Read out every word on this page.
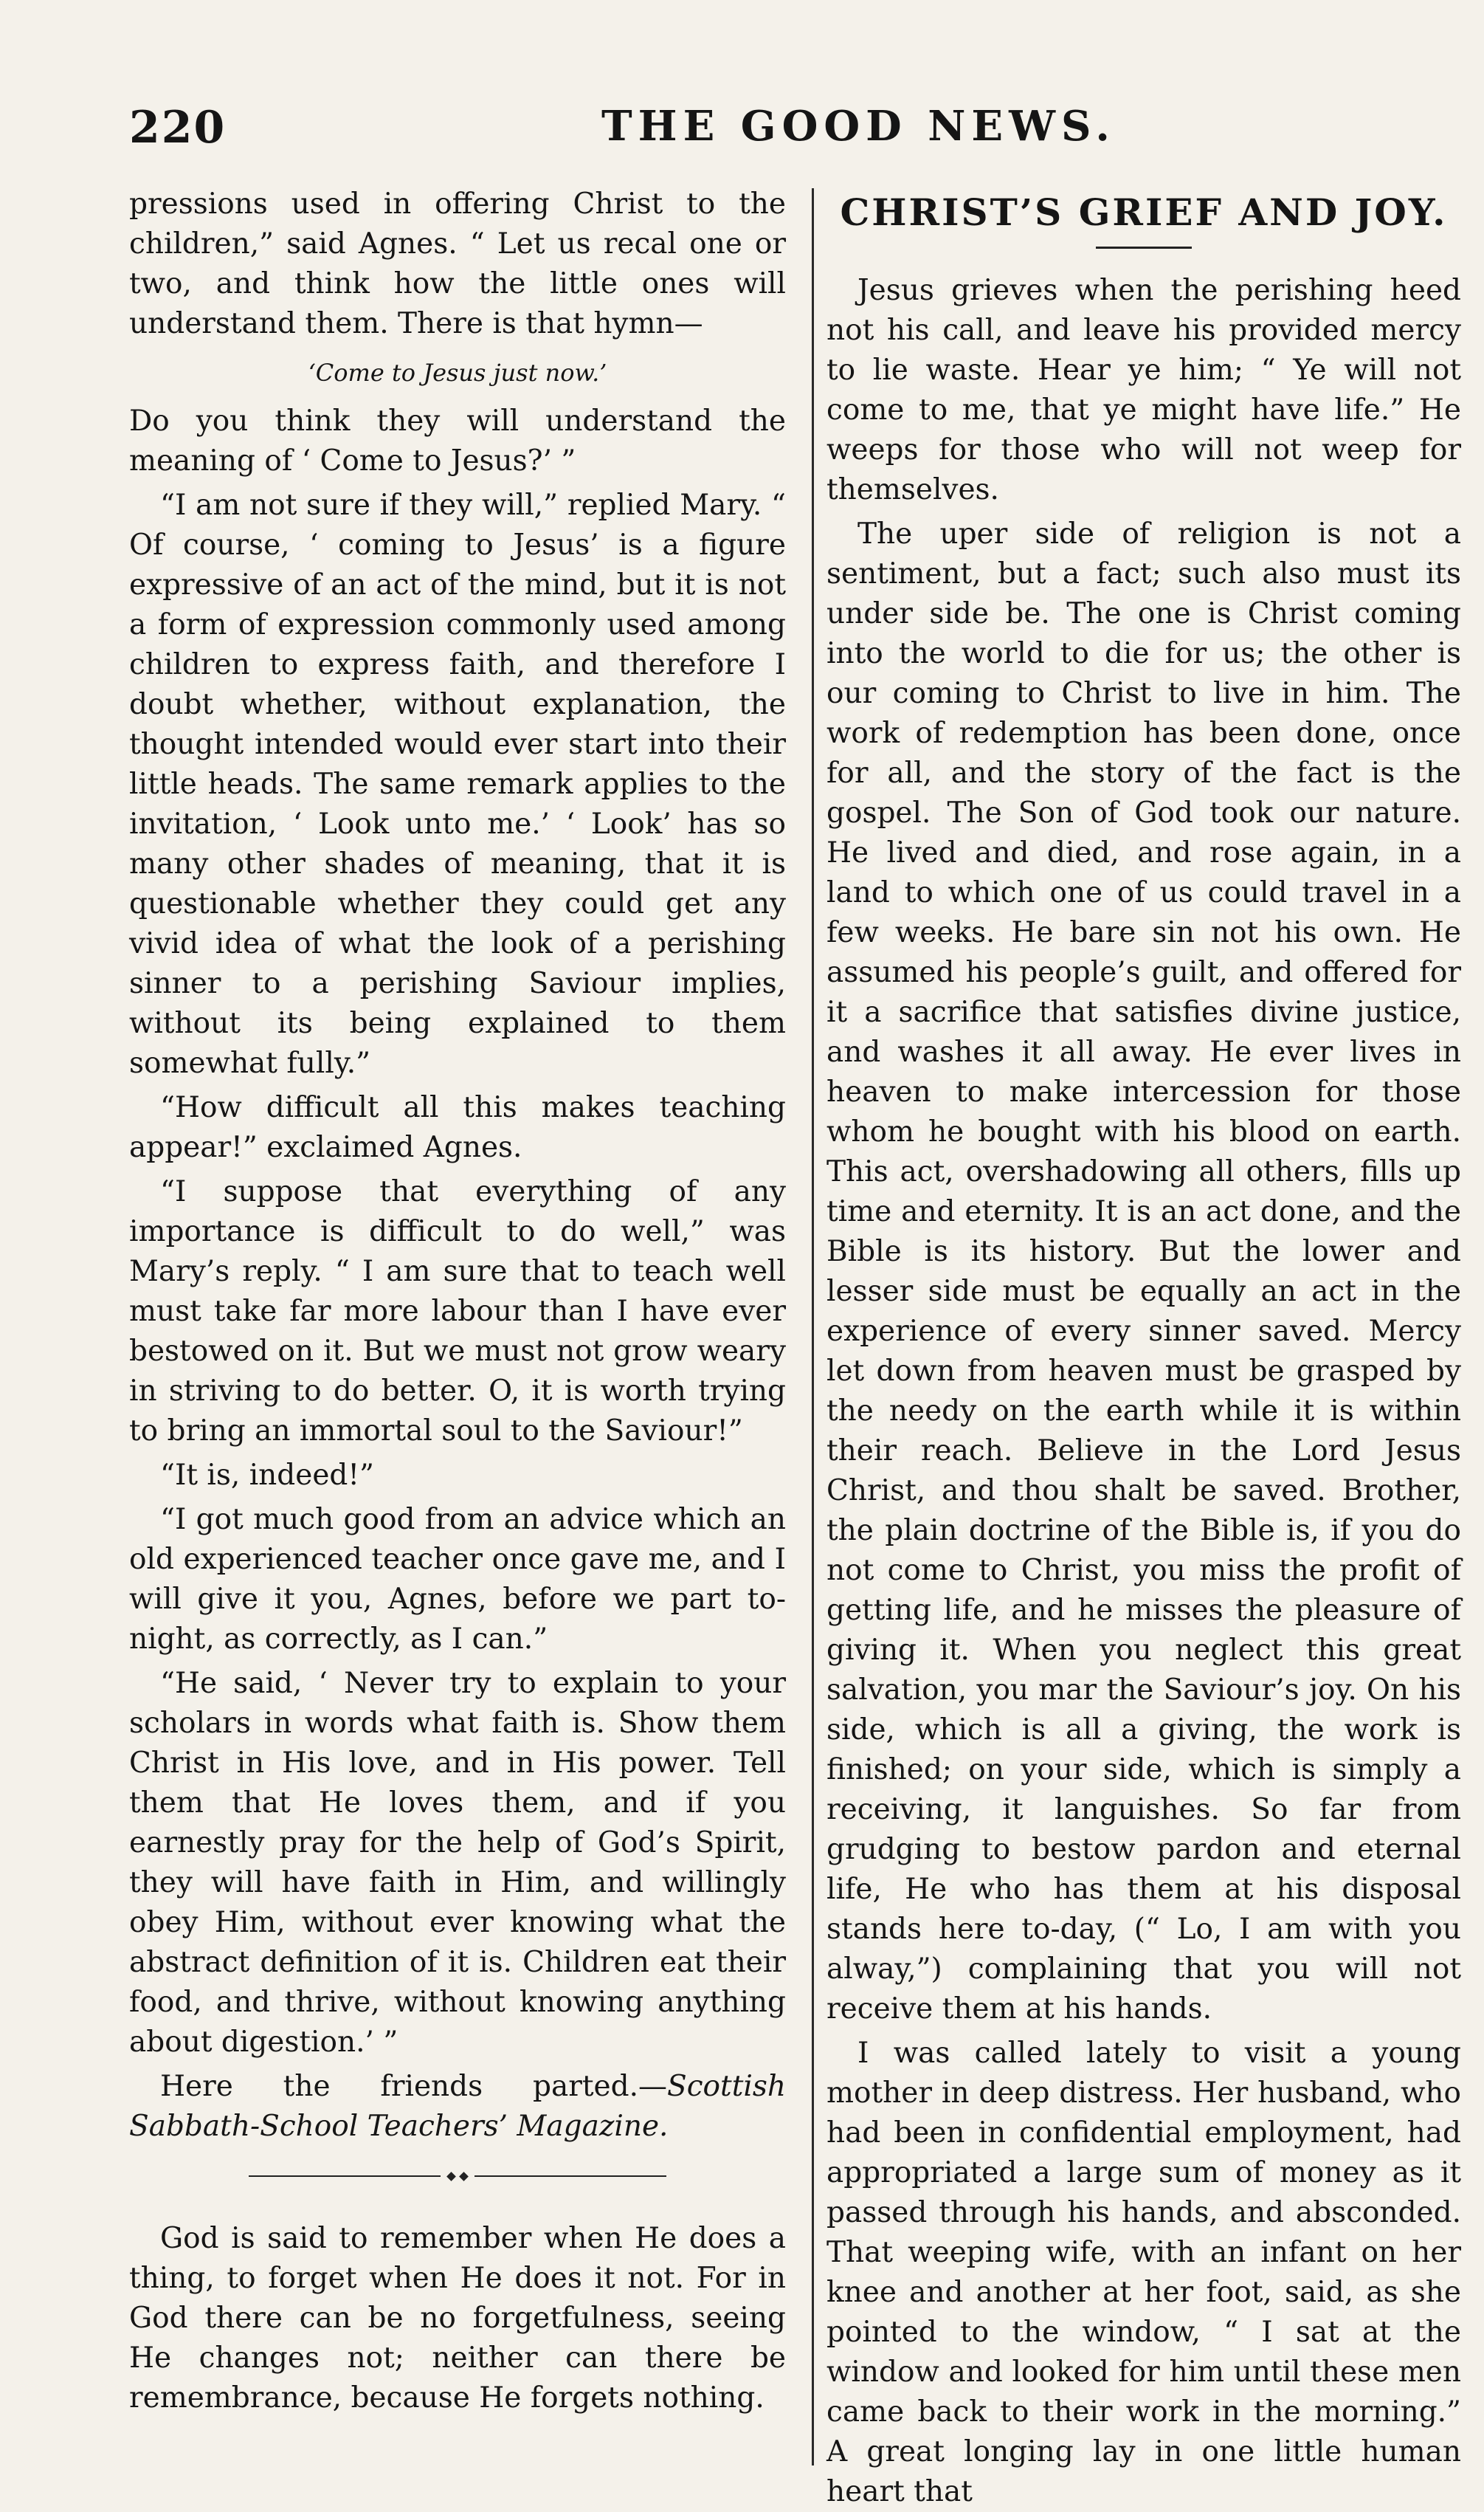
220	THE GOOD NEWS.

pressions used in offering Christ to the children,” said Agnes. “ Let us recal one or two, and think how the little ones will understand them. There is that hymn—

‘Come to Jesus just now.’

Do you think they will understand the meaning of ‘ Come to Jesus?’ ”

“I am not sure if they will,” replied Mary. “ Of course, ‘ coming to Jesus’ is a figure expressive of an act of the mind, but it is not a form of expression commonly used among children to express faith, and therefore I doubt whether, without explanation, the thought intended would ever start into their little heads. The same remark applies to the invitation, ‘ Look unto me.’ ‘ Look’ has so many other shades of meaning, that it is questionable whether they could get any vivid idea of what the look of a perishing sinner to a perishing Saviour implies, without its being explained to them somewhat fully.”

“How difficult all this makes teaching appear!” exclaimed Agnes.

“I suppose that everything of any importance is difficult to do well,” was Mary’s reply. “ I am sure that to teach well must take far more labour than I have ever bestowed on it. But we must not grow weary in striving to do better. O, it is worth trying to bring an immortal soul to the Saviour!”

“It is, indeed!”

“I got much good from an advice which an old experienced teacher once gave me, and I will give it you, Agnes, before we part to-night, as correctly, as I can.”

“He said, ‘ Never try to explain to your scholars in words what faith is. Show them Christ in His love, and in His power. Tell them that He loves them, and if you earnestly pray for the help of God’s Spirit, they will have faith in Him, and willingly obey Him, without ever knowing what the abstract definition of it is. Children eat their food, and thrive, without knowing anything about digestion.’ ”

Here the friends parted.—Scottish Sabbath-School Teachers’ Magazine.

God is said to remember when He does a thing, to forget when He does it not. For in God there can be no forgetfulness, seeing He changes not; neither can there be remembrance, because He forgets nothing.

CHRIST’S GRIEF AND JOY.

Jesus grieves when the perishing heed not his call, and leave his provided mercy to lie waste. Hear ye him; “ Ye will not come to me, that ye might have life.” He weeps for those who will not weep for themselves.

The uper side of religion is not a sentiment, but a fact; such also must its under side be. The one is Christ coming into the world to die for us; the other is our coming to Christ to live in him. The work of redemption has been done, once for all, and the story of the fact is the gospel. The Son of God took our nature. He lived and died, and rose again, in a land to which one of us could travel in a few weeks. He bare sin not his own. He assumed his people’s guilt, and offered for it a sacrifice that satisfies divine justice, and washes it all away. He ever lives in heaven to make intercession for those whom he bought with his blood on earth. This act, overshadowing all others, fills up time and eternity. It is an act done, and the Bible is its history. But the lower and lesser side must be equally an act in the experience of every sinner saved. Mercy let down from heaven must be grasped by the needy on the earth while it is within their reach. Believe in the Lord Jesus Christ, and thou shalt be saved. Brother, the plain doctrine of the Bible is, if you do not come to Christ, you miss the profit of getting life, and he misses the pleasure of giving it. When you neglect this great salvation, you mar the Saviour’s joy. On his side, which is all a giving, the work is finished; on your side, which is simply a receiving, it languishes. So far from grudging to bestow pardon and eternal life, He who has them at his disposal stands here to-day, (“ Lo, I am with you alway,”) complaining that you will not receive them at his hands.

I was called lately to visit a young mother in deep distress. Her husband, who had been in confidential employment, had appropriated a large sum of money as it passed through his hands, and absconded. That weeping wife, with an infant on her knee and another at her foot, said, as she pointed to the window, “ I sat at the window and looked for him until these men came back to their work in the morning.” A great longing lay in one little human heart that
